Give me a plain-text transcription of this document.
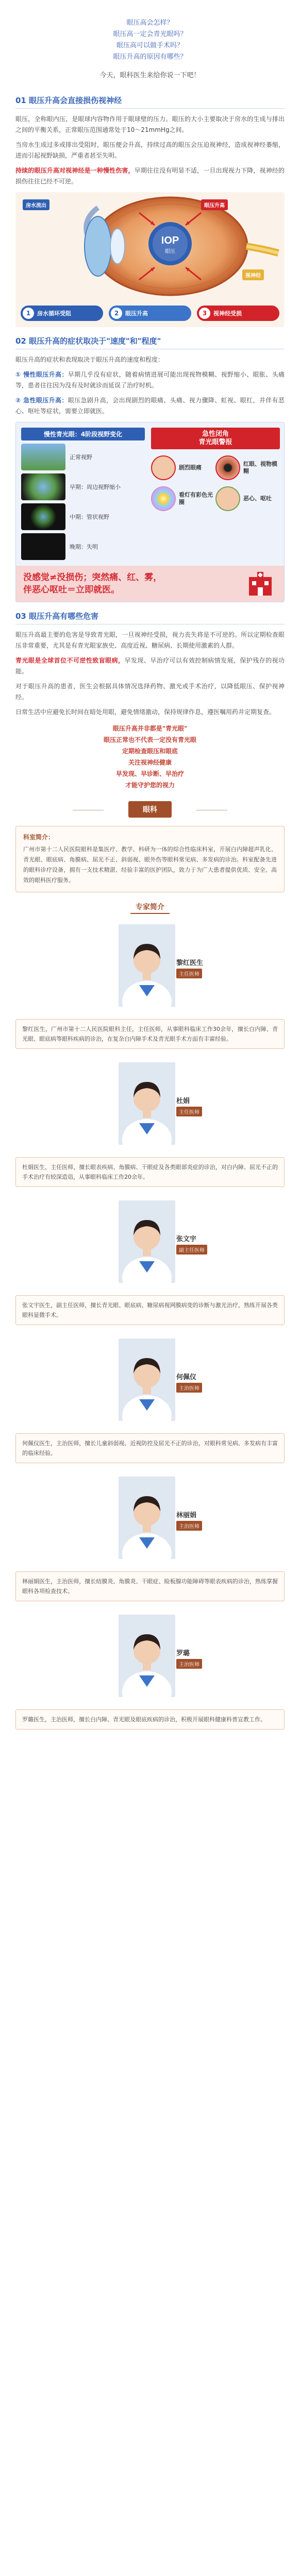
眼压高会怎样？

眼压高一定会青光眼吗？

眼压高可以做手术吗？

眼压升高的原因有哪些？

今天，眼科医生来给你说一下吧！

01 眼压升高会直接损伤视神经

眼压，全称眼内压，是眼球内容物作用于眼球壁的压力。眼压的大小主要取决于房水的生成与排出之间的平衡关系，正常眼压范围通常处于10～21mmHg之间。

当房水生成过多或排出受阻时，眼压便会升高，持续过高的眼压会压迫视神经，造成视神经萎缩，进而引起视野缺损，严重者甚至失明。

持续的眼压升高对视神经是一种慢性伤害，早期往往没有明显不适，一旦出现视力下降，视神经的损伤往往已经不可逆。

IOP
眼压
房水流出	眼压升高
视神经
1	房水循环受阻	2	眼压升高	3	视神经受损
02 眼压升高的症状取决于"速度"和"程度"

眼压升高的症状和表现取决于眼压升高的速度和程度：

① 慢性眼压升高：早期几乎没有症状，随着病情进展可能出现视物模糊、视野缩小、眼胀、头痛等，患者往往因为没有及时就诊而延误了治疗时机。

② 急性眼压升高：眼压急剧升高，会出现剧烈的眼痛、头痛、视力骤降、虹视、眼红，并伴有恶心、呕吐等症状，需要立即就医。

慢性青光眼：4阶段视野变化
正常视野
早期：周边视野缩小
中期：管状视野
晚期：失明
急性闭角
青光眼警报
剧烈眼痛
红眼、视物模糊
看灯有彩色光圈
恶心、呕吐
没感觉≠没损伤；突然痛、红、雾，
伴恶心呕吐＝立即就医。
03 眼压升高有哪些危害

眼压升高最主要的危害是导致青光眼，一旦视神经受损，视力丧失将是不可逆的。所以定期检查眼压非常重要，尤其是有青光眼家族史、高度近视、糖尿病、长期使用激素的人群。

青光眼是全球首位不可逆性致盲眼病，早发现、早治疗可以有效控制病情发展，保护残存的视功能。

对于眼压升高的患者，医生会根据具体情况选择药物、激光或手术治疗，以降低眼压、保护视神经。

日常生活中应避免长时间在暗处用眼，避免情绪激动，保持规律作息，遵医嘱用药并定期复查。

眼压升高并非都是"青光眼"

眼压正常也不代表一定没有青光眼

定期检查眼压和眼底

关注视神经健康

早发现、早诊断、早治疗

才能守护您的视力

眼科
科室简介：

广州市第十二人民医院眼科是集医疗、教学、科研为一体的综合性临床科室，开展白内障超声乳化、青光眼、眼底病、角膜病、屈光不正、斜弱视、眼外伤等眼科常见病、多发病的诊治。科室配备先进的眼科诊疗设备，拥有一支技术精湛、经验丰富的医护团队，致力于为广大患者提供优质、安全、高效的眼科医疗服务。

专家简介
黎红医生
主任医师
黎红医生，广州市第十二人民医院眼科主任，主任医师，从事眼科临床工作30余年，擅长白内障、青光眼、眼底病等眼科疾病的诊治，在复杂白内障手术及青光眼手术方面有丰富经验。
杜娟
主任医师
杜娟医生，主任医师，擅长眼表疾病、角膜病、干眼症及各类眼部炎症的诊治，对白内障、屈光不正的手术治疗有较深造诣，从事眼科临床工作20余年。
张文宇
副主任医师
张文宇医生，副主任医师，擅长青光眼、眼底病、糖尿病视网膜病变的诊断与激光治疗，熟练开展各类眼科显微手术。
何佩仪
主治医师
何佩仪医生，主治医师，擅长儿童斜弱视、近视防控及屈光不正的诊治，对眼科常见病、多发病有丰富的临床经验。
林丽娟
主治医师
林丽娟医生，主治医师，擅长结膜炎、角膜炎、干眼症、睑板腺功能障碍等眼表疾病的诊治，熟练掌握眼科各项检查技术。
罗璐
主治医师
罗璐医生，主治医师，擅长白内障、青光眼及眼底疾病的诊治，积极开展眼科健康科普宣教工作。
